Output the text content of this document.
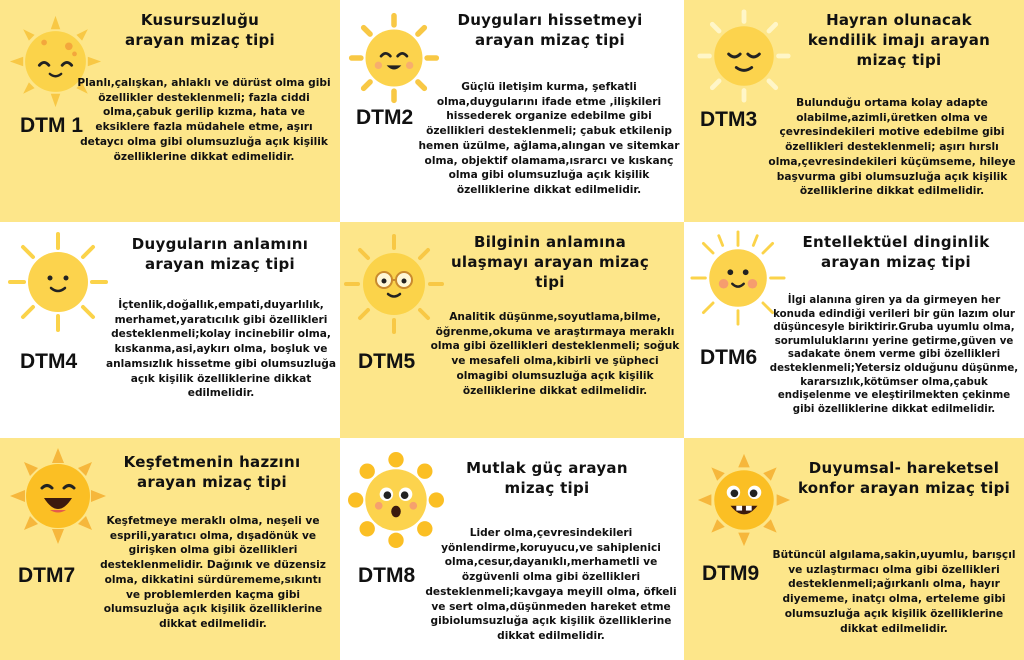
DTM 1
Kusursuzluğu arayan mizaç tipi
Planlı,çalışkan, ahlaklı ve dürüst olma gibi özellikler desteklenmeli; fazla ciddi olma,çabuk gerilip kızma, hata ve eksiklere fazla müdahele etme, aşırı detaycı olma gibi olumsuzluğa açık kişilik özelliklerine dikkat edimelidir.
DTM2
Duyguları hissetmeyi arayan mizaç tipi
Güçlü iletişim kurma, şefkatli olma,duygularını ifade etme ,ilişkileri hissederek organize edebilme gibi özellikleri desteklenmeli; çabuk etkilenip hemen üzülme, ağlama,alıngan ve sitemkar olma, objektif olamama,ısrarcı ve kıskanç olma gibi olumsuzluğa açık kişilik özelliklerine dikkat edilmelidir.
DTM3
Hayran olunacak kendilik imajı arayan mizaç tipi
Bulunduğu ortama kolay adapte olabilme,azimli,üretken olma ve çevresindekileri motive edebilme gibi özellikleri desteklenmeli; aşırı hırslı olma,çevresindekileri küçümseme, hileye başvurma gibi olumsuzluğa açık kişilik özelliklerine dikkat edilmelidir.
DTM4
Duyguların anlamını arayan mizaç tipi
İçtenlik,doğallık,empati,duyarlılık, merhamet,yaratıcılık gibi özellikleri desteklenmeli;kolay incinebilir olma, kıskanma,asi,aykırı olma, boşluk ve anlamsızlık hissetme gibi olumsuzluğa açık kişilik özelliklerine dikkat edilmelidir.
DTM5
Bilginin anlamına ulaşmayı arayan mizaç tipi
Analitik düşünme,soyutlama,bilme, öğrenme,okuma ve araştırmaya meraklı olma gibi özellikleri desteklenmeli; soğuk ve mesafeli olma,kibirli ve şüpheci olmagibi olumsuzluğa açık kişilik özelliklerine dikkat edilmelidir.
DTM6
Entellektüel dinginlik arayan mizaç tipi
İlgi alanına giren ya da girmeyen her konuda edindiği verileri bir gün lazım olur düşüncesyle biriktirir.Gruba uyumlu olma, sorumluluklarını yerine getirme,güven ve sadakate önem verme gibi özellikleri desteklenmeli;Yetersiz olduğunu düşünme, kararsızlık,kötümser olma,çabuk endişelenme ve eleştirilmekten çekinme gibi özelliklerine dikkat edilmelidir.
DTM7
Keşfetmenin hazzını arayan mizaç tipi
Keşfetmeye meraklı olma, neşeli ve esprili,yaratıcı olma, dışadönük ve girişken olma gibi özellikleri desteklenmelidir. Dağınık ve düzensiz olma, dikkatini sürdürememe,sıkıntı ve problemlerden kaçma gibi olumsuzluğa açık kişilik özelliklerine dikkat edilmelidir.
DTM8
Mutlak güç arayan mizaç tipi
Lider olma,çevresindekileri yönlendirme,koruyucu,ve sahiplenici olma,cesur,dayanıklı,merhametli ve özgüvenli olma gibi özellikleri desteklenmeli;kavgaya meyill olma, öfkeli ve sert olma,düşünmeden hareket etme gibiolumsuzluğa açık kişilik özelliklerine dikkat edilmelidir.
DTM9
Duyumsal- hareketsel konfor arayan mizaç tipi
Bütüncül algılama,sakin,uyumlu, barışçıl ve uzlaştırmacı olma gibi özellikleri desteklenmeli;ağırkanlı olma, hayır diyememe, inatçı olma, erteleme gibi olumsuzluğa açık kişilik özelliklerine dikkat edilmelidir.
